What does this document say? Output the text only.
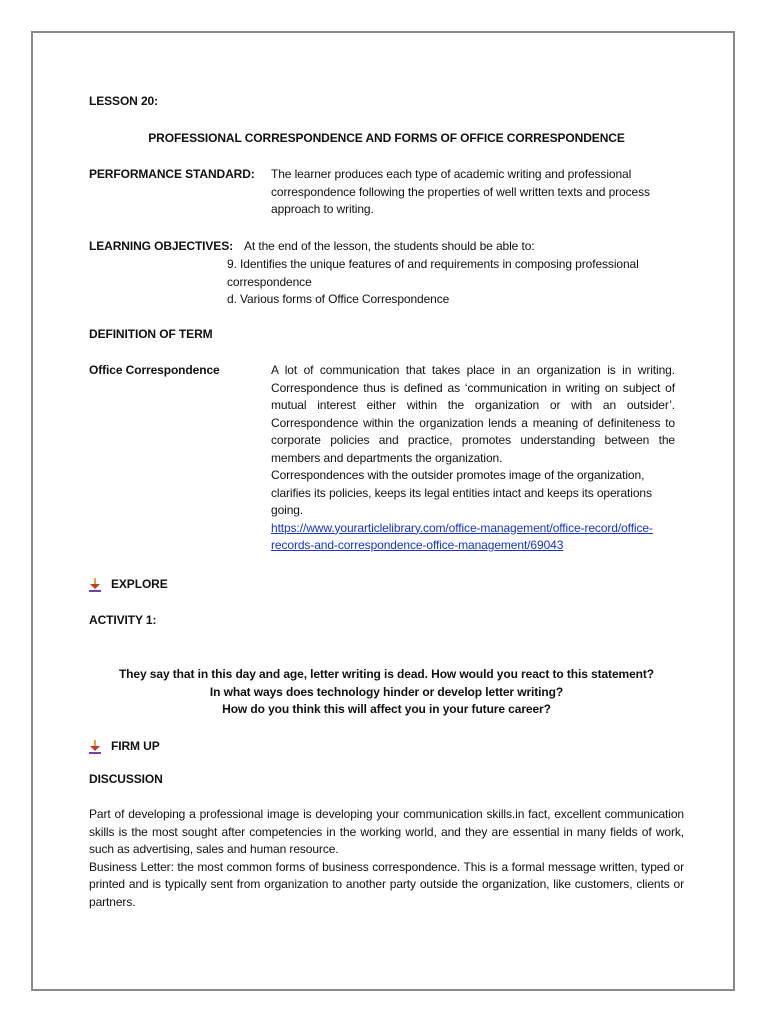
LESSON 20:
PROFESSIONAL CORRESPONDENCE AND FORMS OF OFFICE CORRESPONDENCE
PERFORMANCE STANDARD: The learner produces each type of academic writing and professional correspondence following the properties of well written texts and process approach to writing.
LEARNING OBJECTIVES: At the end of the lesson, the students should be able to:
9. Identifies the unique features of and requirements in composing professional correspondence
d. Various forms of Office Correspondence
DEFINITION OF TERM
Office Correspondence	A lot of communication that takes place in an organization is in writing. Correspondence thus is defined as ‘communication in writing on subject of mutual interest either within the organization or with an outsider’. Correspondence within the organization lends a meaning of definiteness to corporate policies and practice, promotes understanding between the members and departments the organization.
Correspondences with the outsider promotes image of the organization, clarifies its policies, keeps its legal entities intact and keeps its operations going.
https://www.yourarticlelibrary.com/office-management/office-record/office-records-and-correspondence-office-management/69043
EXPLORE
ACTIVITY 1:
They say that in this day and age, letter writing is dead. How would you react to this statement?
In what ways does technology hinder or develop letter writing?
How do you think this will affect you in your future career?
FIRM UP
DISCUSSION
Part of developing a professional image is developing your communication skills.in fact, excellent communication skills is the most sought after competencies in the working world, and they are essential in many fields of work, such as advertising, sales and human resource.
Business Letter: the most common forms of business correspondence. This is a formal message written, typed or printed and is typically sent from organization to another party outside the organization, like customers, clients or partners.
